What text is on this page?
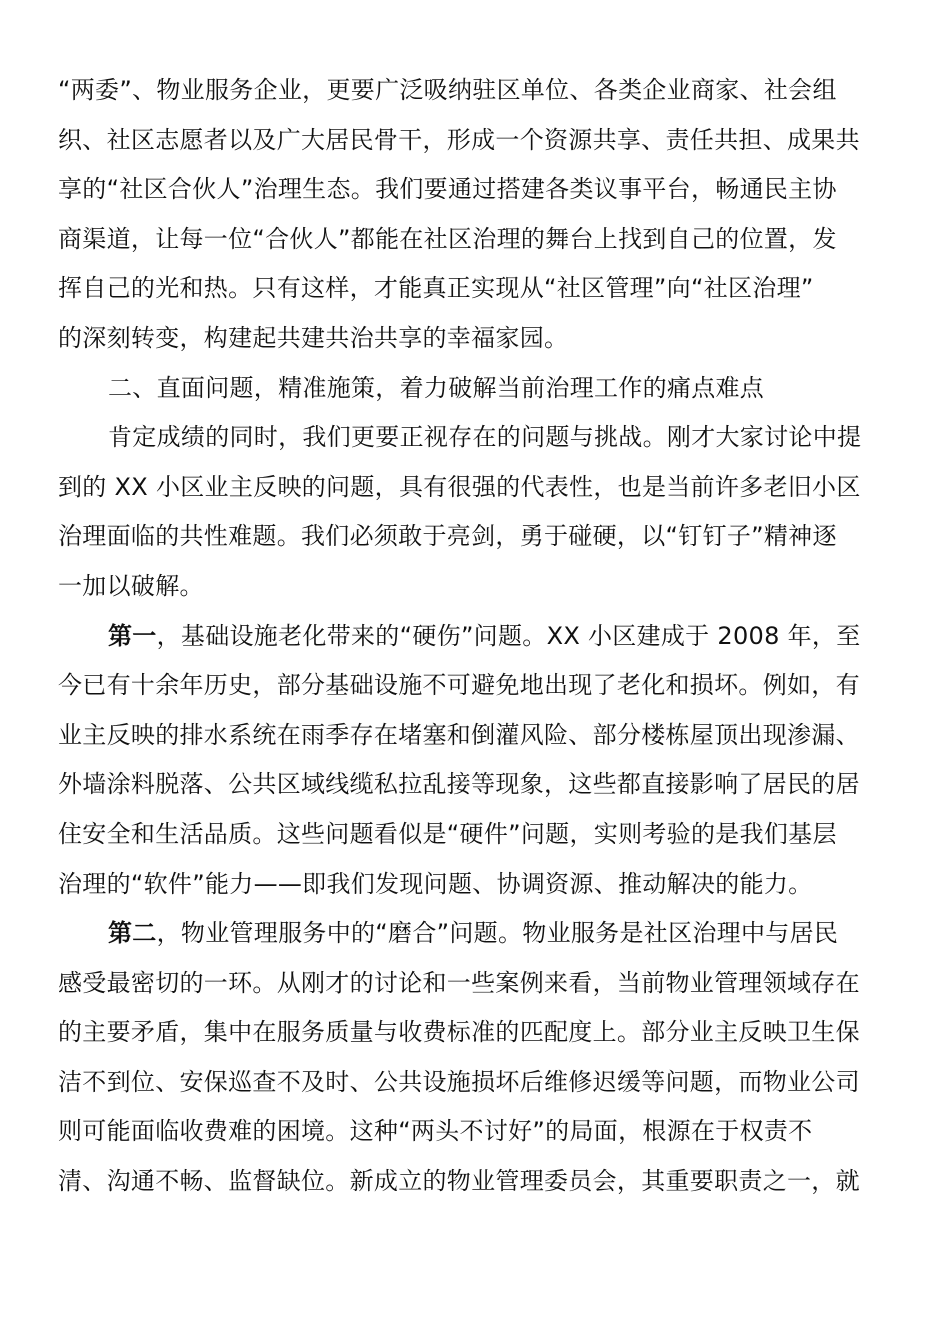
“两委”、物业服务企业，更要广泛吸纳驻区单位、各类企业商家、社会组
织、社区志愿者以及广大居民骨干，形成一个资源共享、责任共担、成果共
享的“社区合伙人”治理生态。我们要通过搭建各类议事平台，畅通民主协
商渠道，让每一位“合伙人”都能在社区治理的舞台上找到自己的位置，发
挥自己的光和热。只有这样，才能真正实现从“社区管理”向“社区治理”
的深刻转变，构建起共建共治共享的幸福家园。
二、直面问题，精准施策，着力破解当前治理工作的痛点难点
肯定成绩的同时，我们更要正视存在的问题与挑战。刚才大家讨论中提
到的 XX 小区业主反映的问题，具有很强的代表性，也是当前许多老旧小区
治理面临的共性难题。我们必须敢于亮剑，勇于碰硬，以“钉钉子”精神逐
一加以破解。
第一，基础设施老化带来的“硬伤”问题。XX 小区建成于 2008 年，至
今已有十余年历史，部分基础设施不可避免地出现了老化和损坏。例如，有
业主反映的排水系统在雨季存在堵塞和倒灌风险、部分楼栋屋顶出现渗漏、
外墙涂料脱落、公共区域线缆私拉乱接等现象，这些都直接影响了居民的居
住安全和生活品质。这些问题看似是“硬件”问题，实则考验的是我们基层
治理的“软件”能力——即我们发现问题、协调资源、推动解决的能力。
第二，物业管理服务中的“磨合”问题。物业服务是社区治理中与居民
感受最密切的一环。从刚才的讨论和一些案例来看，当前物业管理领域存在
的主要矛盾，集中在服务质量与收费标准的匹配度上。部分业主反映卫生保
洁不到位、安保巡查不及时、公共设施损坏后维修迟缓等问题，而物业公司
则可能面临收费难的困境。这种“两头不讨好”的局面，根源在于权责不
清、沟通不畅、监督缺位。新成立的物业管理委员会，其重要职责之一，就
